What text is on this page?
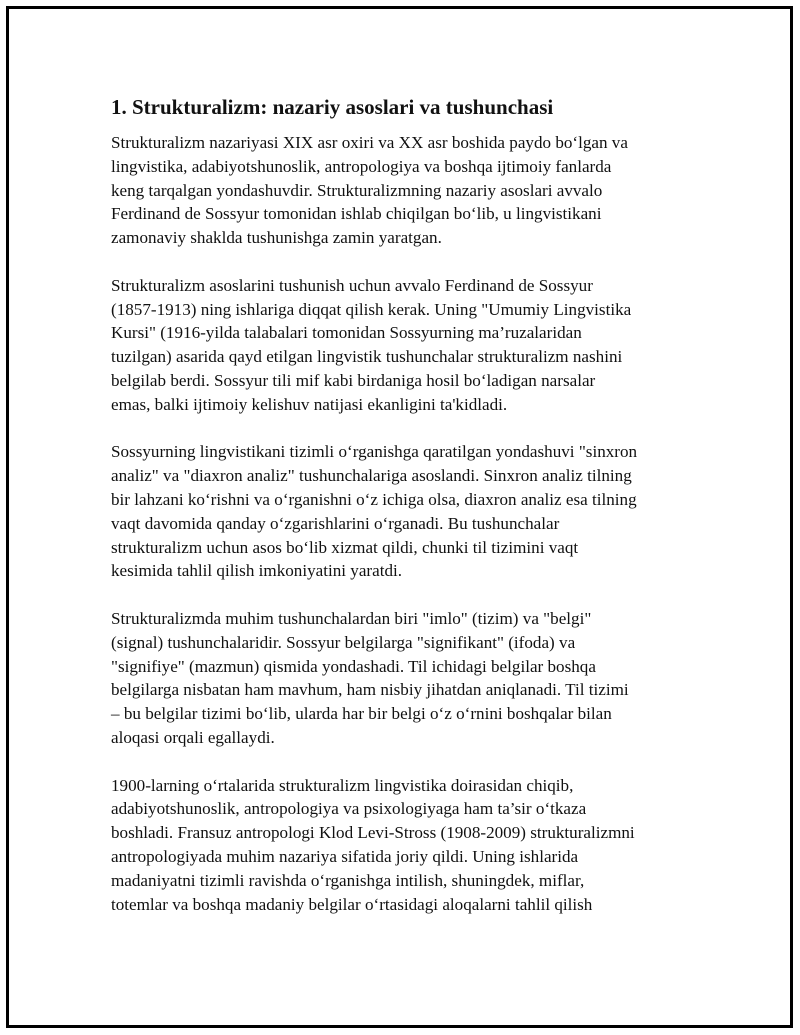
1. Strukturalizm: nazariy asoslari va tushunchasi

Strukturalizm nazariyasi XIX asr oxiri va XX asr boshida paydo bo‘lgan va
lingvistika, adabiyotshunoslik, antropologiya va boshqa ijtimoiy fanlarda
keng tarqalgan yondashuvdir. Strukturalizmning nazariy asoslari avvalo
Ferdinand de Sossyur tomonidan ishlab chiqilgan bo‘lib, u lingvistikani
zamonaviy shaklda tushunishga zamin yaratgan.

Strukturalizm asoslarini tushunish uchun avvalo Ferdinand de Sossyur
(1857-1913) ning ishlariga diqqat qilish kerak. Uning "Umumiy Lingvistika
Kursi" (1916-yilda talabalari tomonidan Sossyurning ma’ruzalaridan
tuzilgan) asarida qayd etilgan lingvistik tushunchalar strukturalizm nashini
belgilab berdi. Sossyur tili mif kabi birdaniga hosil bo‘ladigan narsalar
emas, balki ijtimoiy kelishuv natijasi ekanligini ta'kidladi.

Sossyurning lingvistikani tizimli o‘rganishga qaratilgan yondashuvi "sinxron
analiz" va "diaxron analiz" tushunchalariga asoslandi. Sinxron analiz tilning
bir lahzani ko‘rishni va o‘rganishni o‘z ichiga olsa, diaxron analiz esa tilning
vaqt davomida qanday o‘zgarishlarini o‘rganadi. Bu tushunchalar
strukturalizm uchun asos bo‘lib xizmat qildi, chunki til tizimini vaqt
kesimida tahlil qilish imkoniyatini yaratdi.

Strukturalizmda muhim tushunchalardan biri "imlo" (tizim) va "belgi"
(signal) tushunchalaridir. Sossyur belgilarga "signifikant" (ifoda) va
"signifiye" (mazmun) qismida yondashadi. Til ichidagi belgilar boshqa
belgilarga nisbatan ham mavhum, ham nisbiy jihatdan aniqlanadi. Til tizimi
– bu belgilar tizimi bo‘lib, ularda har bir belgi o‘z o‘rnini boshqalar bilan
aloqasi orqali egallaydi.

1900-larning o‘rtalarida strukturalizm lingvistika doirasidan chiqib,
adabiyotshunoslik, antropologiya va psixologiyaga ham ta’sir o‘tkaza
boshladi. Fransuz antropologi Klod Levi-Stross (1908-2009) strukturalizmni
antropologiyada muhim nazariya sifatida joriy qildi. Uning ishlarida
madaniyatni tizimli ravishda o‘rganishga intilish, shuningdek, miflar,
totemlar va boshqa madaniy belgilar o‘rtasidagi aloqalarni tahlil qilish
